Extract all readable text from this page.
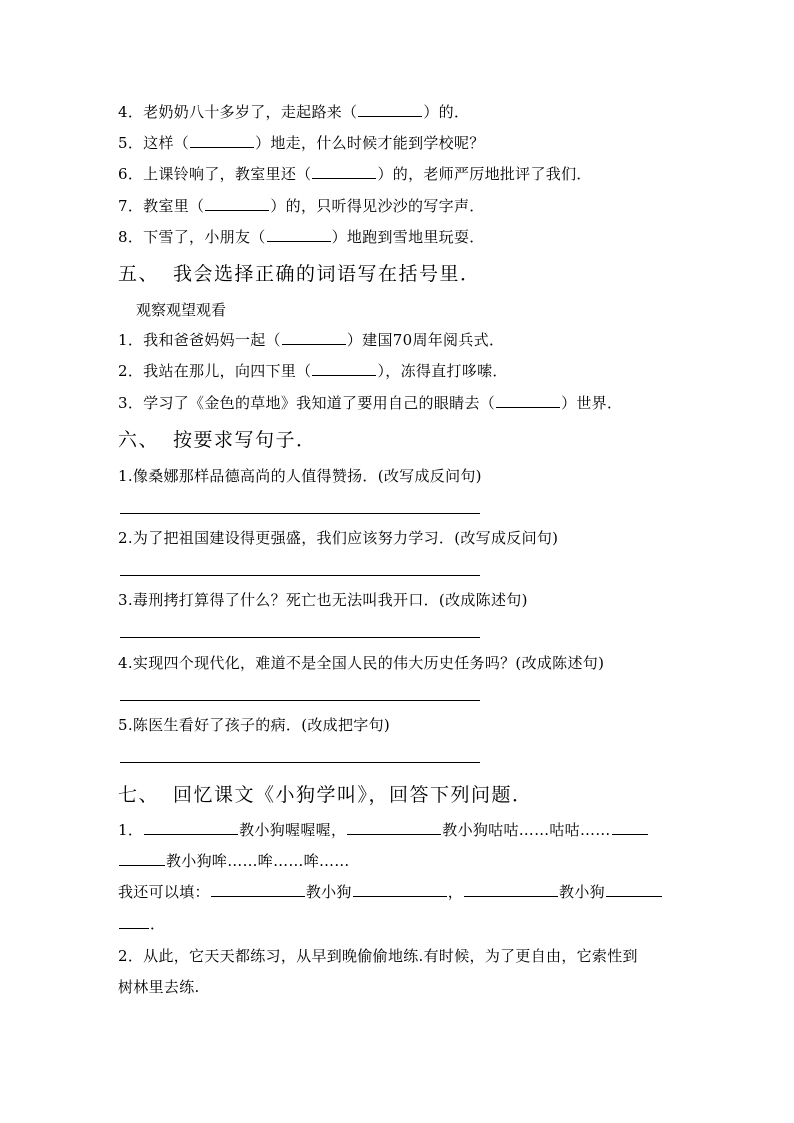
4．老奶奶八十多岁了，走起路来（	）的．
5．这样（	）地走，什么时候才能到学校呢？
6．上课铃响了，教室里还（	）的，老师严厉地批评了我们．
7．教室里（	）的，只听得见沙沙的写字声．
8．下雪了，小朋友（	）地跑到雪地里玩耍．
五、 我会选择正确的词语写在括号里．
观察观望观看
1．我和爸爸妈妈一起（	）建国70周年阅兵式．
2．我站在那儿，向四下里（	），冻得直打哆嗦．
3．学习了《金色的草地》我知道了要用自己的眼睛去（	）世界．
六、 按要求写句子．
1.像桑娜那样品德高尚的人值得赞扬．(改写成反问句)
2.为了把祖国建设得更强盛，我们应该努力学习．(改写成反问句)
3.毒刑拷打算得了什么？死亡也无法叫我开口．(改成陈述句)
4.实现四个现代化，难道不是全国人民的伟大历史任务吗？(改成陈述句)
5.陈医生看好了孩子的病．(改成把字句)
七、 回忆课文《小狗学叫》，回答下列问题．
1．	教小狗喔喔喔，	教小狗咕咕……咕咕……
教小狗哞……哞……哞……
我还可以填：	教小狗	，	教小狗
．
2．从此，它天天都练习，从早到晚偷偷地练.有时候，为了更自由，它索性到
树林里去练.
